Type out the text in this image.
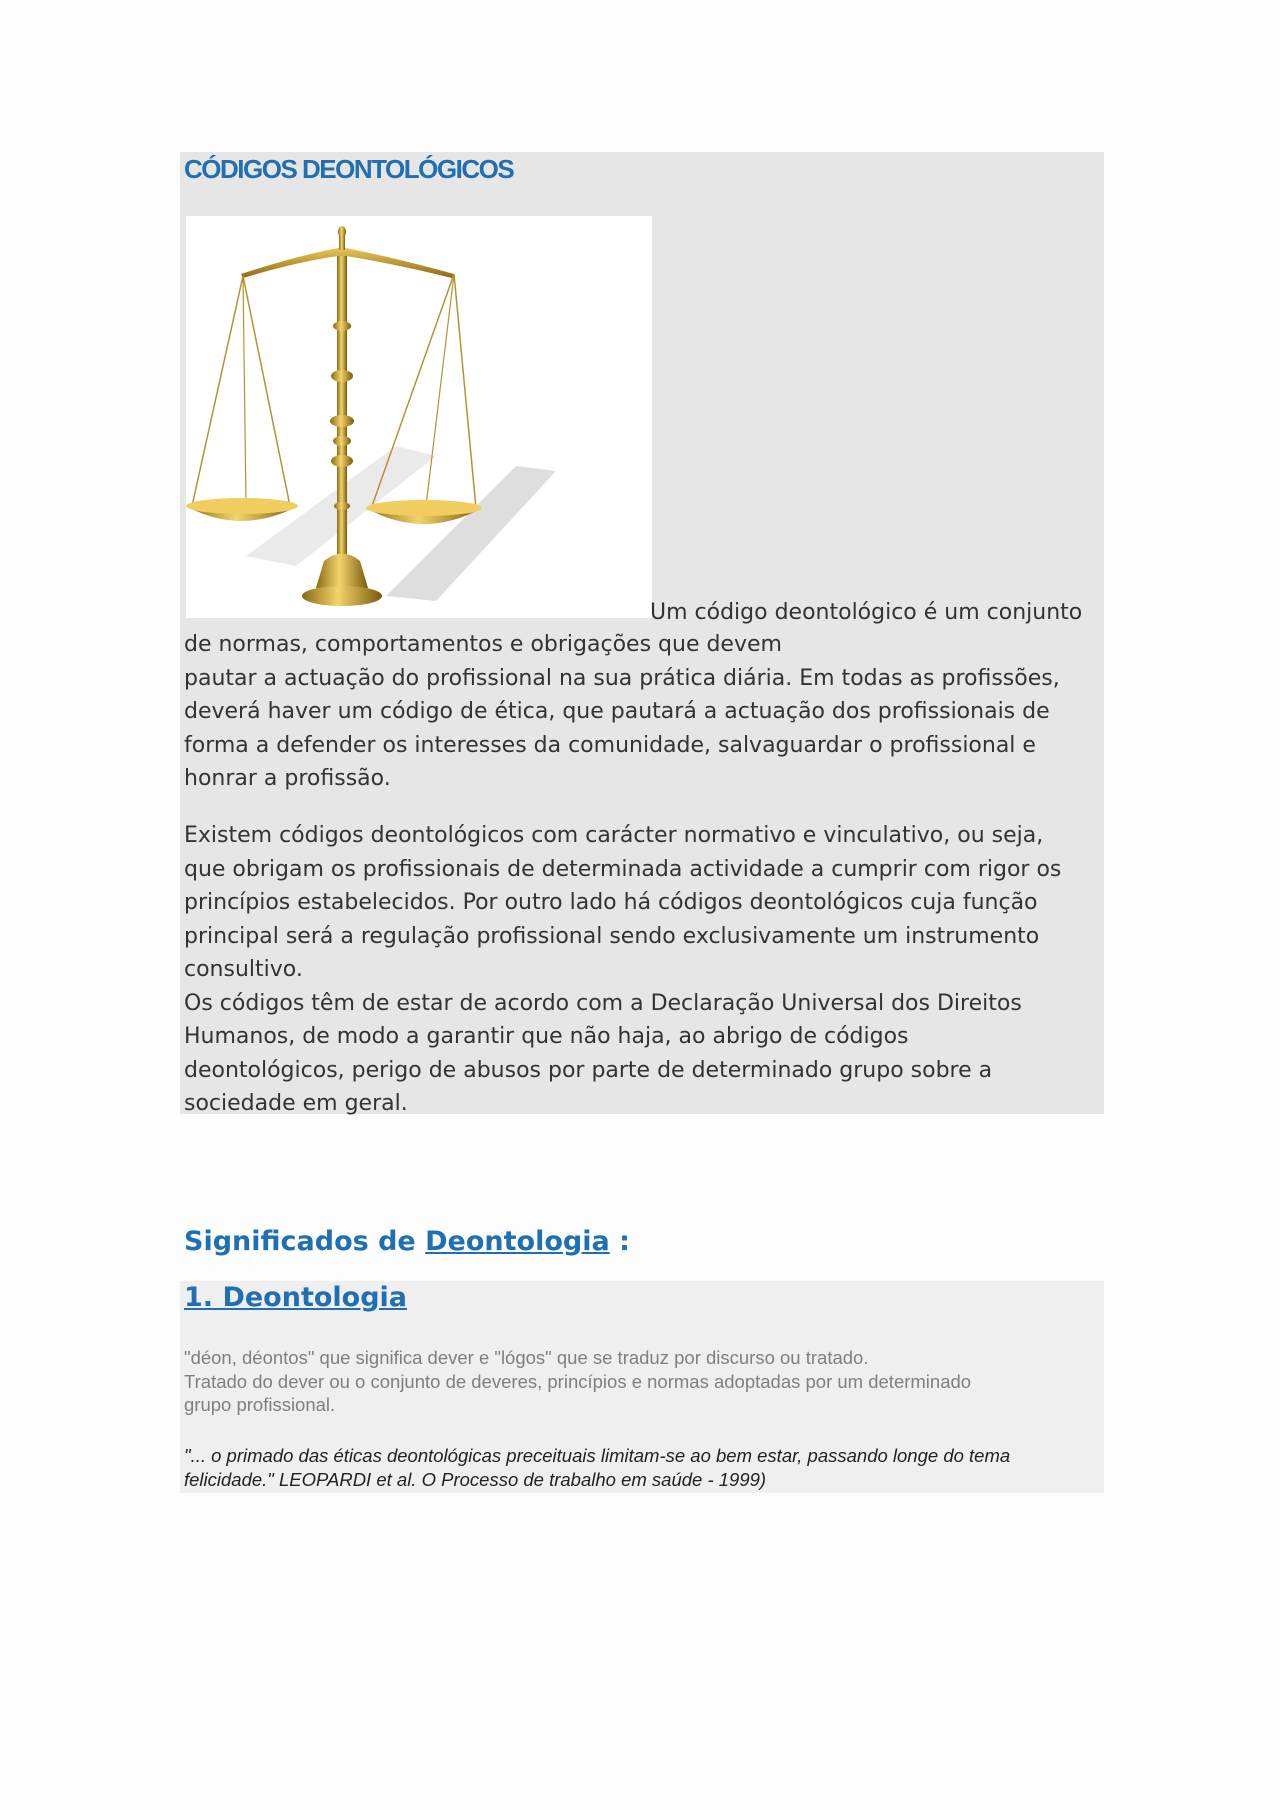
CÓDIGOS DEONTOLÓGICOS
Um código deontológico é um conjunto

de normas, comportamentos e obrigações que devem
pautar a actuação do profissional na sua prática diária. Em todas as profissões,
deverá haver um código de ética, que pautará a actuação dos profissionais de
forma a defender os interesses da comunidade, salvaguardar o profissional e
honrar a profissão.

Existem códigos deontológicos com carácter normativo e vinculativo, ou seja,
que obrigam os profissionais de determinada actividade a cumprir com rigor os
princípios estabelecidos. Por outro lado há códigos deontológicos cuja função
principal será a regulação profissional sendo exclusivamente um instrumento
consultivo.
Os códigos têm de estar de acordo com a Declaração Universal dos Direitos
Humanos, de modo a garantir que não haja, ao abrigo de códigos
deontológicos, perigo de abusos por parte de determinado grupo sobre a
sociedade em geral.

Significados de Deontologia :
1. Deontologia

"déon, déontos" que significa dever e "lógos" que se traduz por discurso ou tratado.
Tratado do dever ou o conjunto de deveres, princípios e normas adoptadas por um determinado
grupo profissional.

"... o primado das éticas deontológicas preceituais limitam-se ao bem estar, passando longe do tema
felicidade." LEOPARDI et al. O Processo de trabalho em saúde - 1999)
